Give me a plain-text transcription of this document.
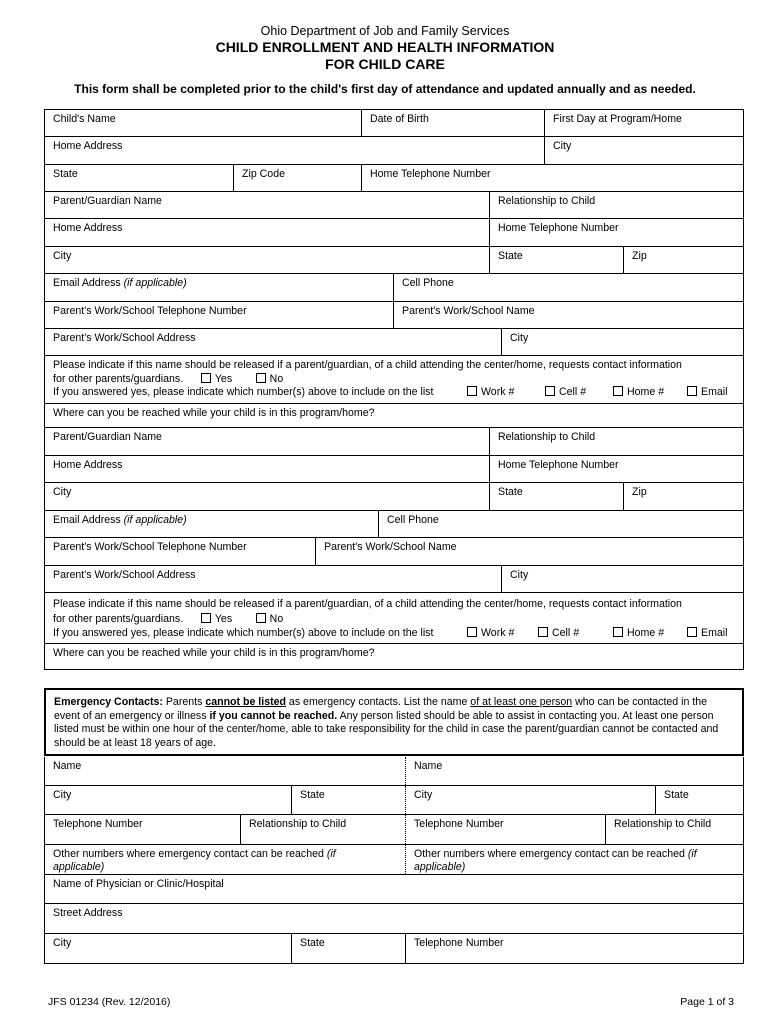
Ohio Department of Job and Family Services
CHILD ENROLLMENT AND HEALTH INFORMATION
FOR CHILD CARE
This form shall be completed prior to the child's first day of attendance and updated annually and as needed.
Child's Name	Date of Birth	First Day at Program/Home
Home Address	City
State	Zip Code	Home Telephone Number
Parent/Guardian Name	Relationship to Child
Home Address	Home Telephone Number
City	State	Zip
Email Address (if applicable)	Cell Phone
Parent's Work/School Telephone Number	Parent's Work/School Name
Parent's Work/School Address	City
Please indicate if this name should be released if a parent/guardian, of a child attending the center/home, requests contact information
for other parents/guardians.	Yes	No
If you answered yes, please indicate which number(s) above to include on the list	Work #	Cell #	Home #	Email
Where can you be reached while your child is in this program/home?
Parent/Guardian Name	Relationship to Child
Home Address	Home Telephone Number
City	State	Zip
Email Address (if applicable)	Cell Phone
Parent's Work/School Telephone Number	Parent's Work/School Name
Parent's Work/School Address	City
Please indicate if this name should be released if a parent/guardian, of a child attending the center/home, requests contact information
for other parents/guardians.	Yes	No
If you answered yes, please indicate which number(s) above to include on the list	Work #	Cell #	Home #	Email
Where can you be reached while your child is in this program/home?
Emergency Contacts: Parents cannot be listed as emergency contacts. List the name of at least one person who can be contacted in the event of an emergency or illness if you cannot be reached. Any person listed should be able to assist in contacting you. At least one person listed must be within one hour of the center/home, able to take responsibility for the child in case the parent/guardian cannot be contacted and should be at least 18 years of age.
Name	Name
City	State	City	State
Telephone Number	Relationship to Child	Telephone Number	Relationship to Child
Other numbers where emergency contact can be reached (if
applicable)
Other numbers where emergency contact can be reached (if
applicable)
Name of Physician or Clinic/Hospital
Street Address
City	State	Telephone Number
JFS 01234 (Rev. 12/2016)	Page 1 of 3
